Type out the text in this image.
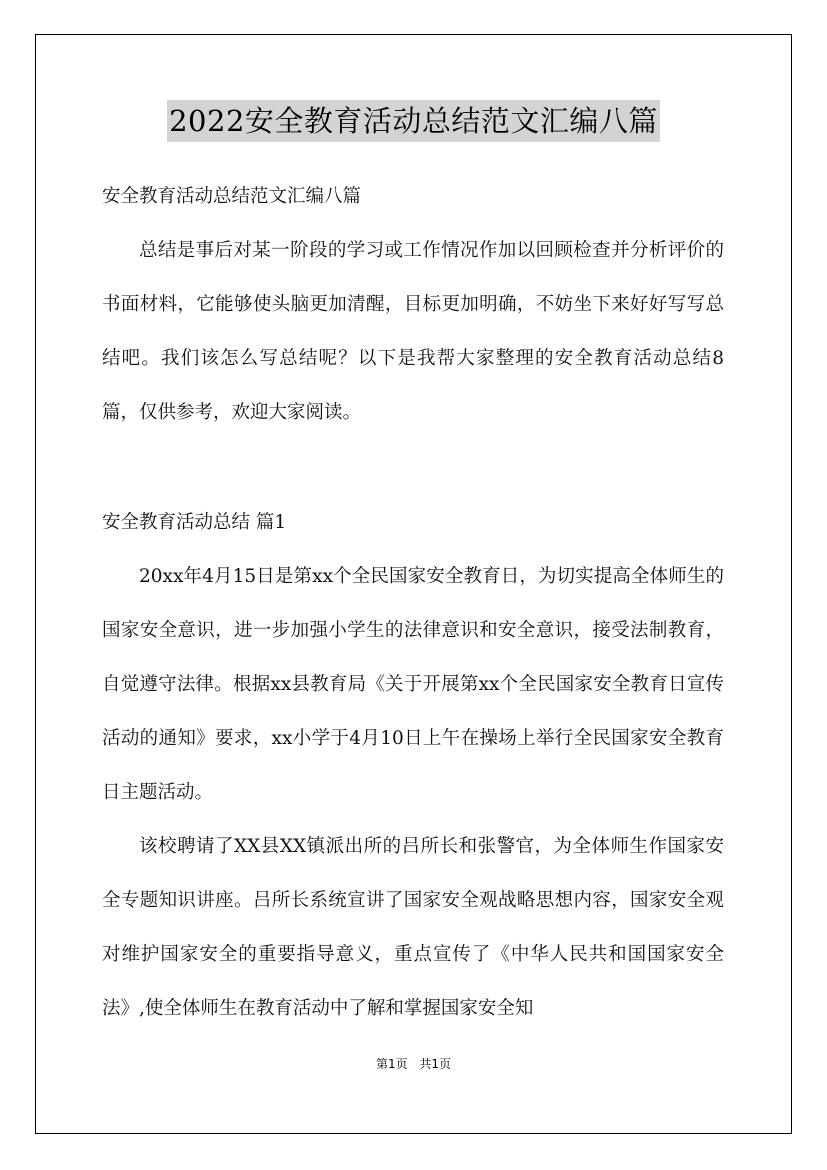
2022安全教育活动总结范文汇编八篇

安全教育活动总结范文汇编八篇

总结是事后对某一阶段的学习或工作情况作加以回顾检查并分析评价的书面材料，它能够使头脑更加清醒，目标更加明确，不妨坐下来好好写写总结吧。我们该怎么写总结呢？以下是我帮大家整理的安全教育活动总结8篇，仅供参考，欢迎大家阅读。

安全教育活动总结 篇1

20xx年4月15日是第xx个全民国家安全教育日，为切实提高全体师生的国家安全意识，进一步加强小学生的法律意识和安全意识，接受法制教育，自觉遵守法律。根据xx县教育局《关于开展第xx个全民国家安全教育日宣传活动的通知》要求，xx小学于4月10日上午在操场上举行全民国家安全教育日主题活动。

该校聘请了XX县XX镇派出所的吕所长和张警官，为全体师生作国家安全专题知识讲座。吕所长系统宣讲了国家安全观战略思想内容，国家安全观对维护国家安全的重要指导意义，重点宣传了《中华人民共和国国家安全法》,使全体师生在教育活动中了解和掌握国家安全知

第1页 共1页
